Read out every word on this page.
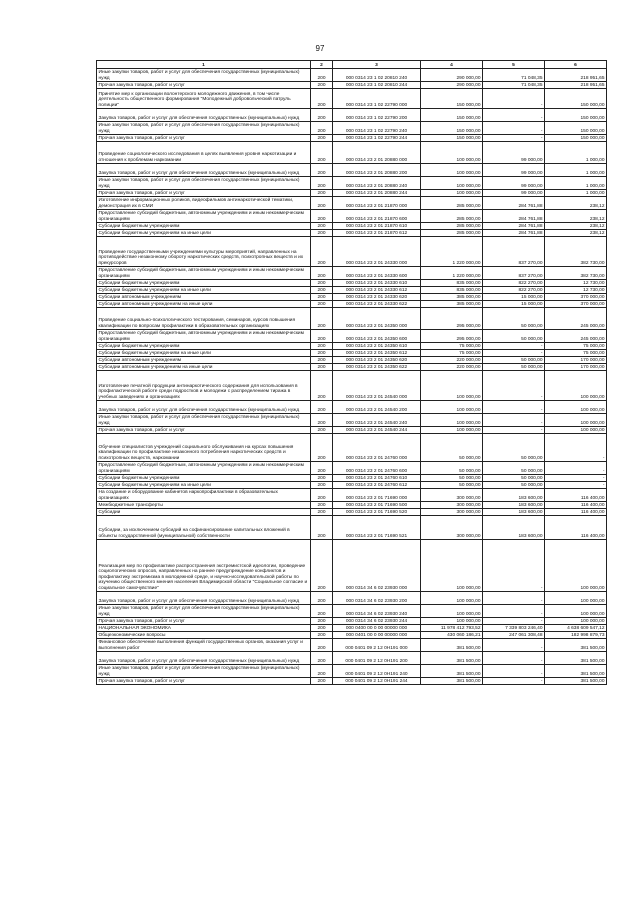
97
1	2	3	4	5	6
Иные закупки товаров, работ и услуг для обеспечения государственных (муниципальных) нужд	200	000 0314 23 1 02 20810 240	290 000,00	71 048,35	218 951,65
Прочая закупка товаров, работ и услуг	200	000 0314 23 1 02 20810 244	290 000,00	71 048,35	218 951,65
Принятие мер к организации волонтерского молодежного движения, в том числе деятельность общественного формирования "Молодежный добровольческий патруль полиции"	200	000 0314 23 1 02 22790 000	150 000,00	-	150 000,00
Закупка товаров, работ и услуг для обеспечения государственных (муниципальных) нужд	200	000 0314 23 1 02 22790 200	150 000,00	-	150 000,00
Иные закупки товаров, работ и услуг для обеспечения государственных (муниципальных) нужд	200	000 0314 23 1 02 22790 240	150 000,00	-	150 000,00
Прочая закупка товаров, работ и услуг	200	000 0314 23 1 02 22790 244	150 000,00	-	150 000,00
Проведение социологического исследования в целях выявления уровня наркотизации и отношения к проблемам наркомании	200	000 0314 23 2 01 20880 000	100 000,00	99 000,00	1 000,00
Закупка товаров, работ и услуг для обеспечения государственных (муниципальных) нужд	200	000 0314 23 2 01 20880 200	100 000,00	99 000,00	1 000,00
Иные закупки товаров, работ и услуг для обеспечения государственных (муниципальных) нужд	200	000 0314 23 2 01 20880 240	100 000,00	99 000,00	1 000,00
Прочая закупка товаров, работ и услуг	200	000 0314 23 2 01 20880 244	100 000,00	99 000,00	1 000,00
Изготовление информационных роликов, видеофильмов антинаркотической тематики, демонстрация их в СМИ	200	000 0314 23 2 01 21870 000	285 000,00	284 761,88	238,12
Предоставление субсидий бюджетным, автономным учреждениям и иным некоммерческим организациям	200	000 0314 23 2 01 21870 600	285 000,00	284 761,88	238,12
Субсидии бюджетным учреждениям	200	000 0314 23 2 01 21870 610	285 000,00	284 761,88	238,12
Субсидии бюджетным учреждениям на иные цели	200	000 0314 23 2 01 21870 612	285 000,00	284 761,88	238,12
Проведение государственными учреждениями культуры мероприятий, направленных на противодействие незаконному обороту наркотических средств, психотропных веществ и их прекурсоров	200	000 0314 23 2 01 24330 000	1 220 000,00	837 270,00	382 730,00
Предоставление субсидий бюджетным, автономным учреждениям и иным некоммерческим организациям	200	000 0314 23 2 01 24330 600	1 220 000,00	837 270,00	382 730,00
Субсидии бюджетным учреждениям	200	000 0314 23 2 01 24330 610	835 000,00	822 270,00	12 730,00
Субсидии бюджетным учреждениям на иные цели	200	000 0314 23 2 01 24330 612	835 000,00	822 270,00	12 730,00
Субсидии автономным учреждениям	200	000 0314 23 2 01 24330 620	385 000,00	15 000,00	370 000,00
Субсидии автономным учреждениям на иные цели	200	000 0314 23 2 01 24330 622	385 000,00	15 000,00	370 000,00
Проведение социально-психологического тестирования, семинаров, курсов повышения квалификации по вопросам профилактики в образовательных организациях	200	000 0314 23 2 01 24350 000	295 000,00	50 000,00	245 000,00
Предоставление субсидий бюджетным, автономным учреждениям и иным некоммерческим организациям	200	000 0314 23 2 01 24350 600	295 000,00	50 000,00	245 000,00
Субсидии бюджетным учреждениям	200	000 0314 23 2 01 24350 610	75 000,00	-	75 000,00
Субсидии бюджетным учреждениям на иные цели	200	000 0314 23 2 01 24350 612	75 000,00	-	75 000,00
Субсидии автономным учреждениям	200	000 0314 23 2 01 24350 620	220 000,00	50 000,00	170 000,00
Субсидии автономным учреждениям на иные цели	200	000 0314 23 2 01 24350 622	220 000,00	50 000,00	170 000,00
Изготовление печатной продукции антинаркотического содержания для использования в профилактической работе среди подростков и молодежи с распределением тиража в учебных заведениях и организациях	200	000 0314 23 2 01 24540 000	100 000,00	-	100 000,00
Закупка товаров, работ и услуг для обеспечения государственных (муниципальных) нужд	200	000 0314 23 2 01 24540 200	100 000,00	-	100 000,00
Иные закупки товаров, работ и услуг для обеспечения государственных (муниципальных) нужд	200	000 0314 23 2 01 24540 240	100 000,00	-	100 000,00
Прочая закупка товаров, работ и услуг	200	000 0314 23 2 01 24540 244	100 000,00	-	100 000,00
Обучение специалистов учреждений социального обслуживания на курсах повышения квалификации по профилактике незаконного потребления наркотических средств и психотропных веществ, наркомании	200	000 0314 23 2 01 24760 000	50 000,00	50 000,00	-
Предоставление субсидий бюджетным, автономным учреждениям и иным некоммерческим организациям	200	000 0314 23 2 01 24760 600	50 000,00	50 000,00	-
Субсидии бюджетным учреждениям	200	000 0314 23 2 01 24760 610	50 000,00	50 000,00	-
Субсидии бюджетным учреждениям на иные цели	200	000 0314 23 2 01 24760 612	50 000,00	50 000,00	-
На создание и оборудование кабинетов наркопрофилактики в образовательных организациях	200	000 0314 23 2 01 71690 000	300 000,00	183 600,00	116 400,00
Межбюджетные трансферты	200	000 0314 23 2 01 71690 500	300 000,00	183 600,00	116 400,00
Субсидии	200	000 0314 23 2 01 71690 520	300 000,00	183 600,00	116 400,00
Субсидии, за исключением субсидий на софинансирование капитальных вложений в объекты государственной (муниципальной) собственности	200	000 0314 23 2 01 71690 521	300 000,00	183 600,00	116 400,00
Реализация мер по профилактике распространения экстремистской идеологии, проведение социологических опросов, направленных на раннее предупреждение конфликтов и профилактику экстремизма в молодежной среде, и научно-исследовательской работы по изучению общественного мнения населения Владимирской области "Социальное согласие и социальное самочувствие"	200	000 0314 34 6 02 23930 000	100 000,00	-	100 000,00
Закупка товаров, работ и услуг для обеспечения государственных (муниципальных) нужд	200	000 0314 34 6 02 23930 200	100 000,00	-	100 000,00
Иные закупки товаров, работ и услуг для обеспечения государственных (муниципальных) нужд	200	000 0314 34 6 02 23930 240	100 000,00	-	100 000,00
Прочая закупка товаров, работ и услуг	200	000 0314 34 6 02 23930 244	100 000,00	-	100 000,00
НАЦИОНАЛЬНАЯ ЭКОНОМИКА	200	000 0400 00 0 00 00000 000	11 978 412 793,52	7 339 803 246,40	4 638 609 547,12
Общеэкономические вопросы	200	000 0401 00 0 00 00000 000	430 060 186,21	247 061 308,48	182 998 879,73
Финансовое обеспечение выполнения функций государственных органов, оказания услуг и выполнения работ	200	000 0401 09 2 12 0Н191 000	381 500,00	-	381 500,00
Закупка товаров, работ и услуг для обеспечения государственных (муниципальных) нужд	200	000 0401 09 2 12 0Н191 200	381 500,00	-	381 500,00
Иные закупки товаров, работ и услуг для обеспечения государственных (муниципальных) нужд	200	000 0401 09 2 12 0Н191 240	381 500,00	-	381 500,00
Прочая закупка товаров, работ и услуг	200	000 0401 09 2 12 0Н191 244	381 500,00	-	381 500,00
